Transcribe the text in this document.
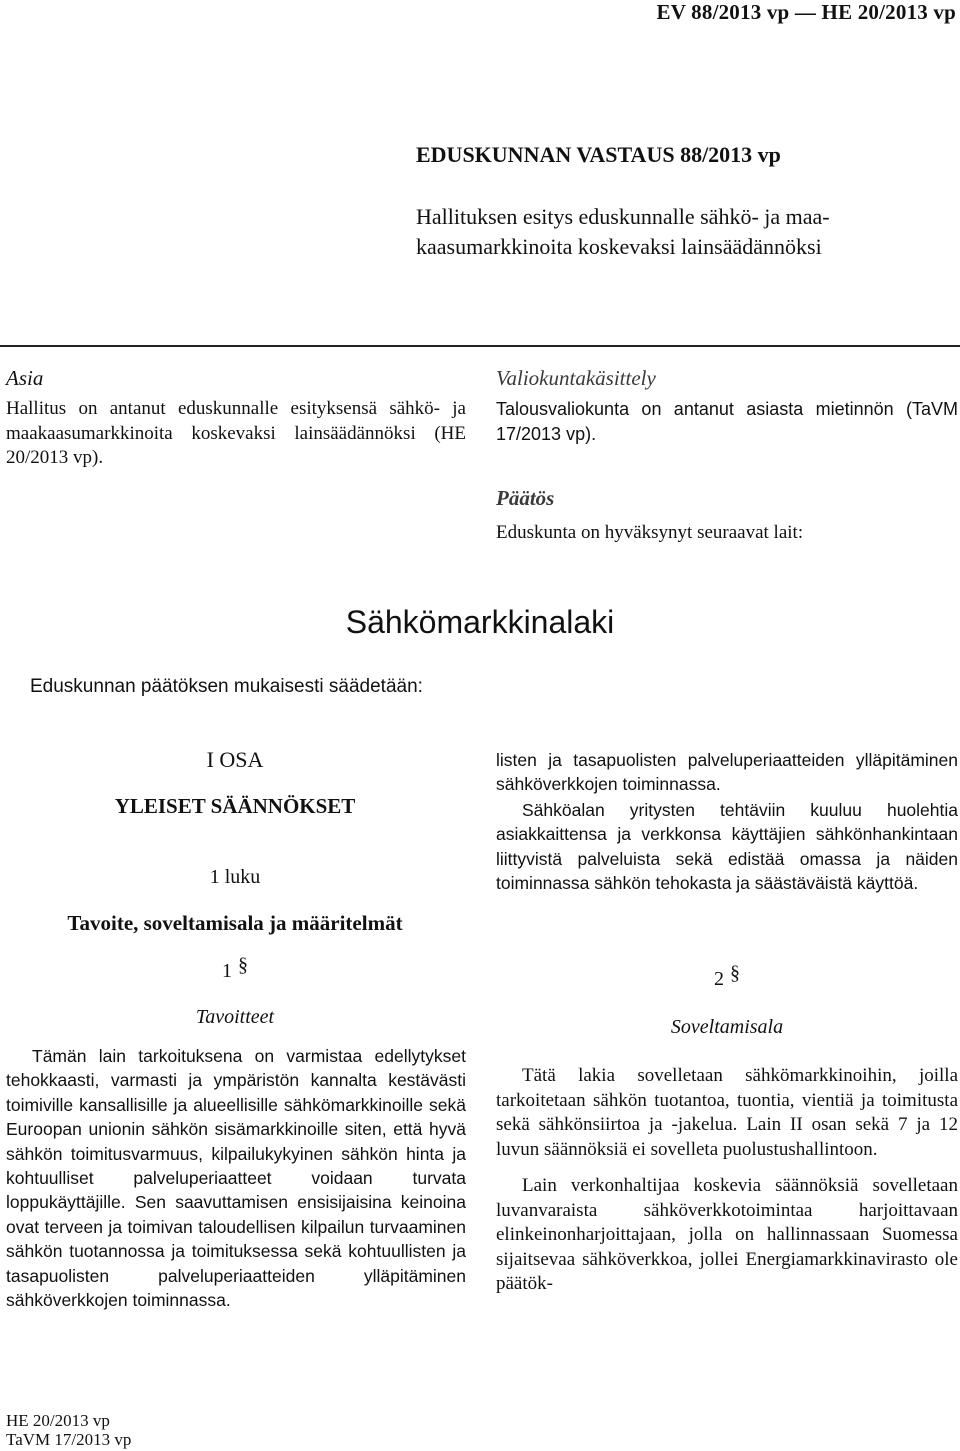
EV 88/2013 vp — HE 20/2013 vp
EDUSKUNNAN VASTAUS 88/2013 vp
Hallituksen esitys eduskunnalle sähkö- ja maa-
kaasumarkkinoita koskevaksi lainsäädännöksi
Asia
Hallitus on antanut eduskunnalle esityksensä sähkö- ja maakaasumarkkinoita koskevaksi lainsäädännöksi (HE 20/2013 vp).
Valiokuntakäsittely
Talousvaliokunta on antanut asiasta mietinnön (TaVM 17/2013 vp).
Päätös
Eduskunta on hyväksynyt seuraavat lait:
Sähkömarkkinalaki
Eduskunnan päätöksen mukaisesti säädetään:
I OSA
YLEISET SÄÄNNÖKSET
1 luku
Tavoite, soveltamisala ja määritelmät
1 §
Tavoitteet
Tämän lain tarkoituksena on varmistaa edellytykset tehokkaasti, varmasti ja ympäristön kannalta kestävästi toimiville kansallisille ja alueellisille sähkömarkkinoille sekä Euroopan unionin sähkön sisämarkkinoille siten, että hyvä sähkön toimitusvarmuus, kilpailukykyinen sähkön hinta ja kohtuulliset palveluperiaatteet voidaan turvata loppukäyttäjille. Sen saavuttamisen ensisijaisina keinoina ovat terveen ja toimivan taloudellisen kilpailun turvaaminen sähkön tuotannossa ja toimituksessa sekä kohtuullisten ja tasapuolisten palveluperiaatteiden ylläpitäminen sähköverkkojen toiminnassa.
listen ja tasapuolisten palveluperiaatteiden ylläpitäminen sähköverkkojen toiminnassa.
Sähköalan yritysten tehtäviin kuuluu huolehtia asiakkaittensa ja verkkonsa käyttäjien sähkönhankintaan liittyvistä palveluista sekä edistää omassa ja näiden toiminnassa sähkön tehokasta ja säästäväistä käyttöä.
2 §
Soveltamisala
Tätä lakia sovelletaan sähkömarkkinoihin, joilla tarkoitetaan sähkön tuotantoa, tuontia, vientiä ja toimitusta sekä sähkönsiirtoa ja -jakelua. Lain II osan sekä 7 ja 12 luvun säännöksiä ei sovelleta puolustushallintoon.
Lain verkonhaltijaa koskevia säännöksiä sovelletaan luvanvaraista sähköverkkotoimintaa harjoittavaan elinkeinonharjoittajaan, jolla on hallinnassaan Suomessa sijaitsevaa sähköverkkoa, jollei Energiamarkkinavirasto ole päätök-
HE 20/2013 vp
TaVM 17/2013 vp
